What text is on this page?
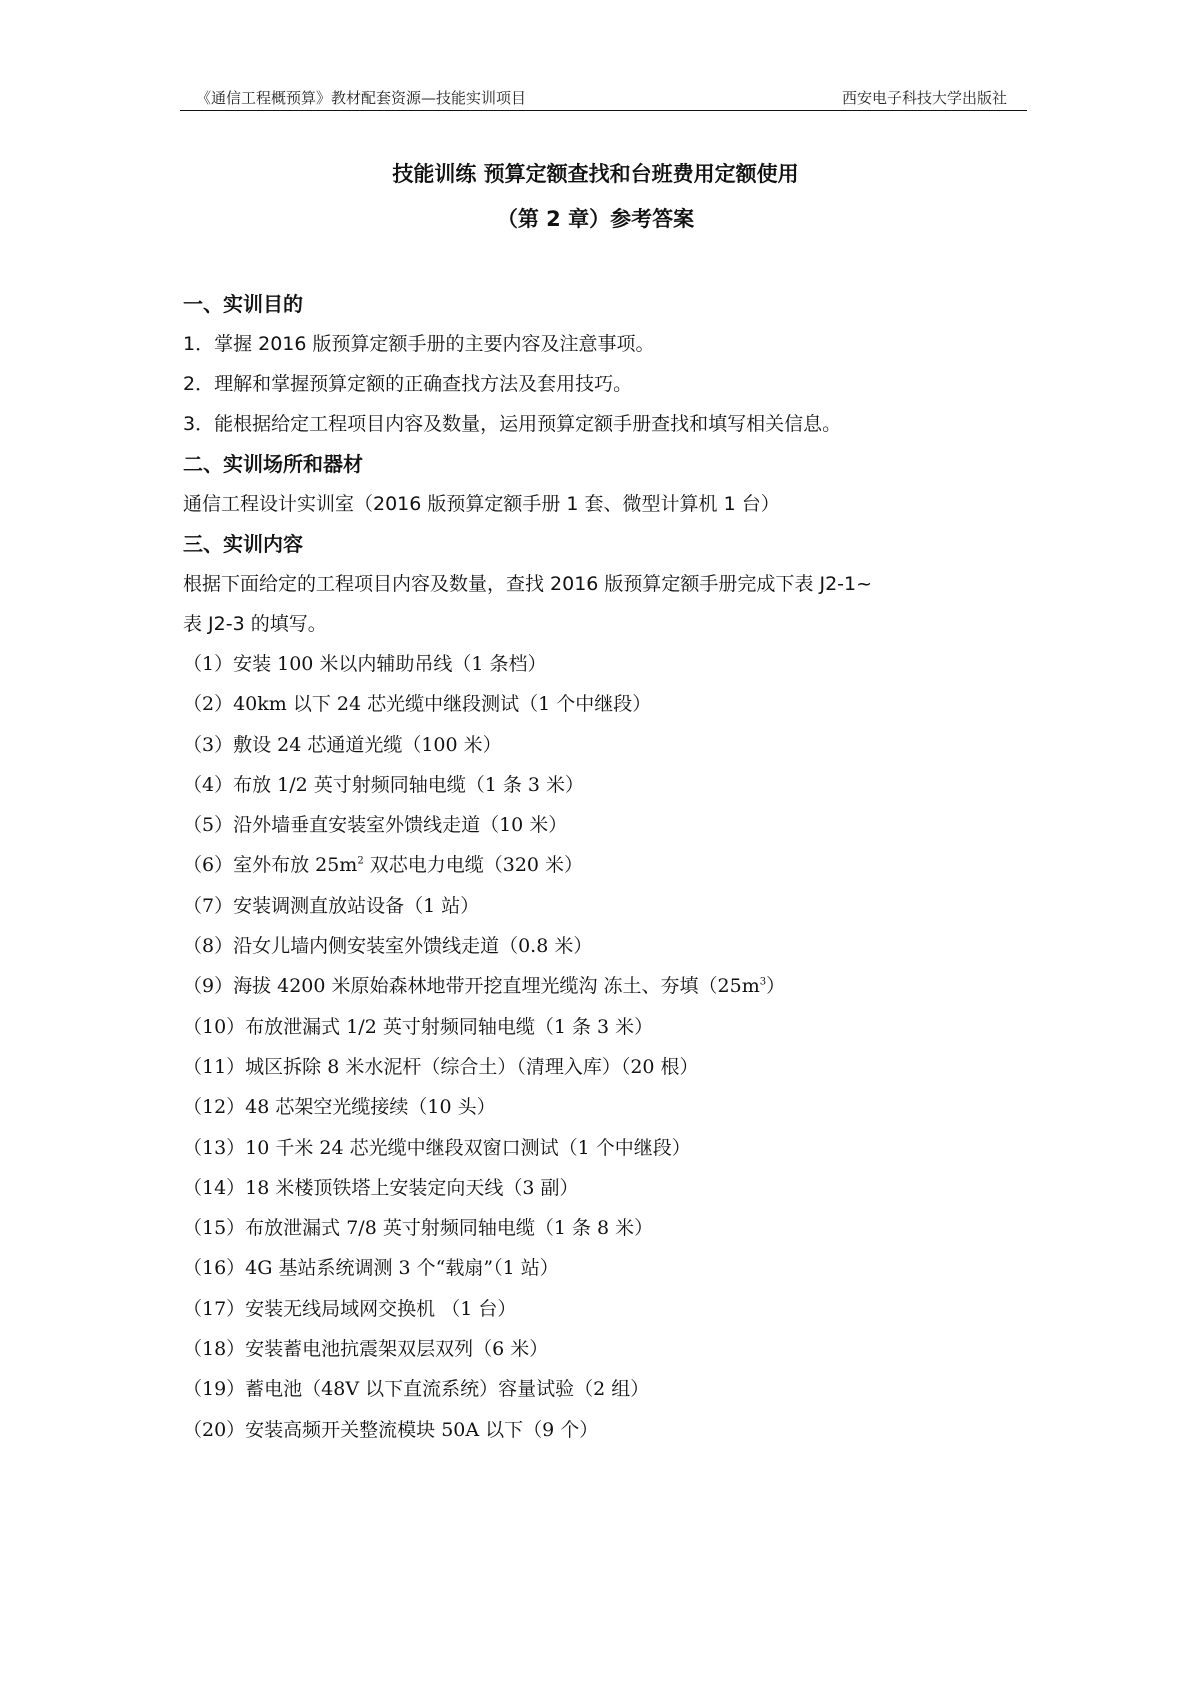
《通信工程概预算》教材配套资源—技能实训项目	西安电子科技大学出版社
技能训练 预算定额查找和台班费用定额使用
（第 2 章）参考答案
一、实训目的
1．掌握 2016 版预算定额手册的主要内容及注意事项。
2．理解和掌握预算定额的正确查找方法及套用技巧。
3．能根据给定工程项目内容及数量，运用预算定额手册查找和填写相关信息。
二、实训场所和器材
通信工程设计实训室（2016 版预算定额手册 1 套、微型计算机 1 台）
三、实训内容
根据下面给定的工程项目内容及数量，查找 2016 版预算定额手册完成下表 J2-1~
表 J2-3 的填写。
（1）安装 100 米以内辅助吊线（1 条档）
（2）40km 以下 24 芯光缆中继段测试（1 个中继段）
（3）敷设 24 芯通道光缆（100 米）
（4）布放 1/2 英寸射频同轴电缆（1 条 3 米）
（5）沿外墙垂直安装室外馈线走道（10 米）
（6）室外布放 $25m^2$ 双芯电力电缆（320 米）
（7）安装调测直放站设备（1 站）
（8）沿女儿墙内侧安装室外馈线走道（0.8 米）
（9）海拔 4200 米原始森林地带开挖直埋光缆沟 冻土、夯填$(25m^3)$
（10）布放泄漏式 1/2 英寸射频同轴电缆（1 条 3 米）
（11）城区拆除 8 米水泥杆（综合土）（清理入库）（20 根）
（12）48 芯架空光缆接续（10 头）
（13）10 千米 24 芯光缆中继段双窗口测试（1 个中继段）
（14）18 米楼顶铁塔上安装定向天线（3 副）
（15）布放泄漏式 7/8 英寸射频同轴电缆（1 条 8 米）
（16）4G 基站系统调测 3 个“载扇”（1 站）
（17）安装无线局域网交换机 （1 台）
（18）安装蓄电池抗震架双层双列（6 米）
（19）蓄电池（48V 以下直流系统）容量试验（2 组）
（20）安装高频开关整流模块 50A 以下（9 个）
